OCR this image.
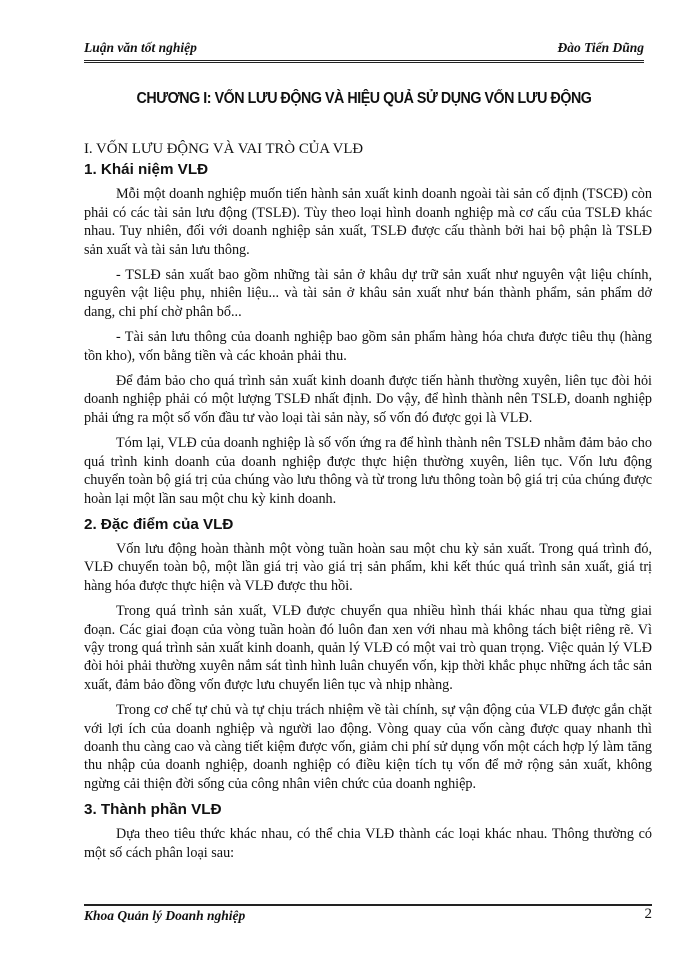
Luận văn tốt nghiệp	Đào Tiến Dũng
CHƯƠNG I: VỐN LƯU ĐỘNG VÀ HIỆU QUẢ SỬ DỤNG VỐN LƯU ĐỘNG
I. VỐN LƯU ĐỘNG VÀ VAI TRÒ CỦA VLĐ
1. Khái niệm VLĐ

Mỗi một doanh nghiệp muốn tiến hành sản xuất kinh doanh ngoài tài sản cố định (TSCĐ) còn phải có các tài sản lưu động (TSLĐ). Tùy theo loại hình doanh nghiệp mà cơ cấu của TSLĐ khác nhau. Tuy nhiên, đối với doanh nghiệp sản xuất, TSLĐ được cấu thành bởi hai bộ phận là TSLĐ sản xuất và tài sản lưu thông.

- TSLĐ sản xuất bao gồm những tài sản ở khâu dự trữ sản xuất như nguyên vật liệu chính, nguyên vật liệu phụ, nhiên liệu... và tài sản ở khâu sản xuất như bán thành phẩm, sản phẩm dở dang, chi phí chờ phân bổ...

- Tài sản lưu thông của doanh nghiệp bao gồm sản phẩm hàng hóa chưa được tiêu thụ (hàng tồn kho), vốn bằng tiền và các khoản phải thu.

Để đảm bảo cho quá trình sản xuất kinh doanh được tiến hành thường xuyên, liên tục đòi hỏi doanh nghiệp phải có một lượng TSLĐ nhất định. Do vậy, để hình thành nên TSLĐ, doanh nghiệp phải ứng ra một số vốn đầu tư vào loại tài sản này, số vốn đó được gọi là VLĐ.

Tóm lại, VLĐ của doanh nghiệp là số vốn ứng ra để hình thành nên TSLĐ nhằm đảm bảo cho quá trình kinh doanh của doanh nghiệp được thực hiện thường xuyên, liên tục. Vốn lưu động chuyển toàn bộ giá trị của chúng vào lưu thông và từ trong lưu thông toàn bộ giá trị của chúng được hoàn lại một lần sau một chu kỳ kinh doanh.

2. Đặc điểm của VLĐ

Vốn lưu động hoàn thành một vòng tuần hoàn sau một chu kỳ sản xuất. Trong quá trình đó, VLĐ chuyển toàn bộ, một lần giá trị vào giá trị sản phẩm, khi kết thúc quá trình sản xuất, giá trị hàng hóa được thực hiện và VLĐ được thu hồi.

Trong quá trình sản xuất, VLĐ được chuyển qua nhiều hình thái khác nhau qua từng giai đoạn. Các giai đoạn của vòng tuần hoàn đó luôn đan xen với nhau mà không tách biệt riêng rẽ. Vì vậy trong quá trình sản xuất kinh doanh, quản lý VLĐ có một vai trò quan trọng. Việc quản lý VLĐ đòi hỏi phải thường xuyên nắm sát tình hình luân chuyển vốn, kịp thời khắc phục những ách tắc sản xuất, đảm bảo đồng vốn được lưu chuyển liên tục và nhịp nhàng.

Trong cơ chế tự chủ và tự chịu trách nhiệm về tài chính, sự vận động của VLĐ được gắn chặt với lợi ích của doanh nghiệp và người lao động. Vòng quay của vốn càng được quay nhanh thì doanh thu càng cao và càng tiết kiệm được vốn, giảm chi phí sử dụng vốn một cách hợp lý làm tăng thu nhập của doanh nghiệp, doanh nghiệp có điều kiện tích tụ vốn để mở rộng sản xuất, không ngừng cải thiện đời sống của công nhân viên chức của doanh nghiệp.

3. Thành phần VLĐ

Dựa theo tiêu thức khác nhau, có thể chia VLĐ thành các loại khác nhau. Thông thường có một số cách phân loại sau:

Khoa Quản lý Doanh nghiệp	2
